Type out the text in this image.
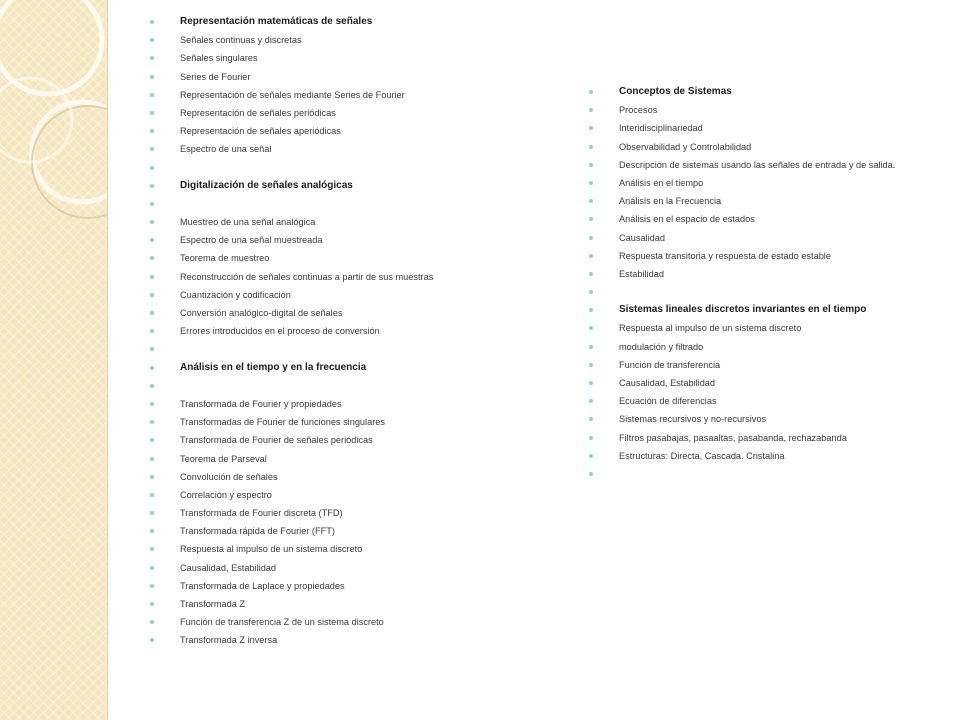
Representación matemáticas de señales
Señales continuas y discretas
Señales singulares
Series de Fourier
Representación de señales mediante Series de Fourier
Representación de señales periódicas
Representación de señales aperiódicas
Espectro de una señal
Digitalización de señales analógicas
Muestreo de una señal analógica
Espectro de una señal muestreada
Teorema de muestreo
Reconstrucción de señales continuas a partir de sus muestras
Cuantización y codificación
Conversión analógico-digital de señales
Errores introducidos en el proceso de conversión
Análisis en el tiempo y en la frecuencia
Transformada de Fourier y propiedades
Transformadas de Fourier de funciones singulares
Transformada de Fourier de señales periódicas
Teorema de Parseval
Convolución de señales
Correlación y espectro
Transformada de Fourier discreta (TFD)
Transformada rápida de Fourier (FFT)
Respuesta al impulso de un sistema discreto
Causalidad, Estabilidad
Transformada de Laplace y propiedades
Transformada Z
Función de transferencia Z de un sistema discreto
Transformada Z inversa
Conceptos de Sistemas
Procesos
Interidisciplinariedad
Observabilidad y Controlabilidad
Descripción de sistemas usando las señales de entrada y de salida.
Análisis en el tiempo
Análisis en la Frecuencia
Análisis en el espacio de estados
Causalidad
Respuesta transitoria y respuesta de estado estable
Estabilidad
Sistemas lineales discretos invariantes en el tiempo
Respuesta al impulso de un sistema discreto
modulación y filtrado
Función de transferencia
Causalidad, Estabilidad
Ecuación de diferencias
Sistemas recursivos y no-recursivos
Filtros pasabajas, pasaaltas, pasabanda, rechazabanda
Estructuras: Directa, Cascada. Cristalina
